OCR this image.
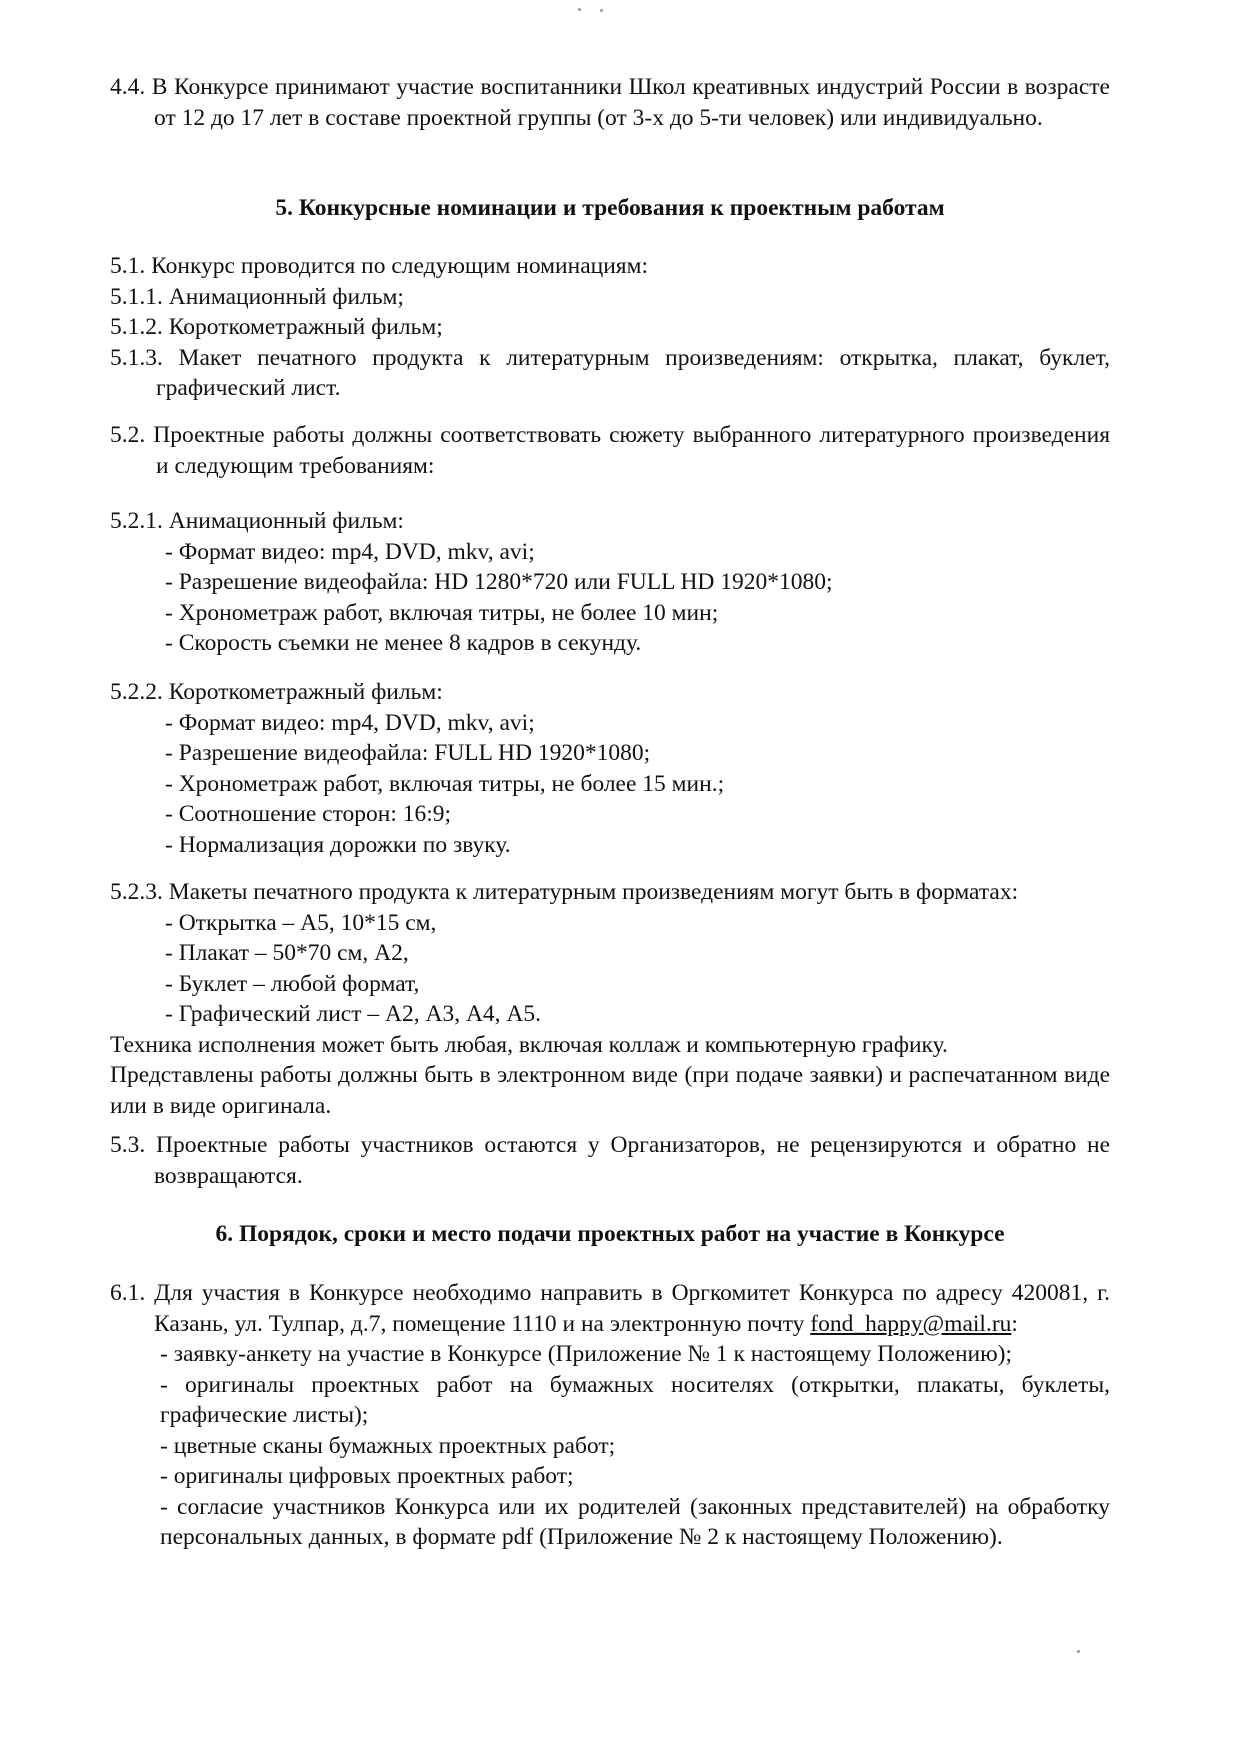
4.4. В Конкурсе принимают участие воспитанники Школ креативных индустрий России в возрасте от 12 до 17 лет в составе проектной группы (от 3-х до 5-ти человек) или индивидуально.

5. Конкурсные номинации и требования к проектным работам

5.1. Конкурс проводится по следующим номинациям:

5.1.1. Анимационный фильм;

5.1.2. Короткометражный фильм;

5.1.3. Макет печатного продукта к литературным произведениям: открытка, плакат, буклет, графический лист.

5.2. Проектные работы должны соответствовать сюжету выбранного литературного произведения и следующим требованиям:

5.2.1. Анимационный фильм:

- Формат видео: mp4, DVD, mkv, avi;

- Разрешение видеофайла: HD 1280*720 или FULL HD 1920*1080;

- Хронометраж работ, включая титры, не более 10 мин;

- Скорость съемки не менее 8 кадров в секунду.

5.2.2. Короткометражный фильм:

- Формат видео: mp4, DVD, mkv, avi;

- Разрешение видеофайла: FULL HD 1920*1080;

- Хронометраж работ, включая титры, не более 15 мин.;

- Соотношение сторон: 16:9;

- Нормализация дорожки по звуку.

5.2.3. Макеты печатного продукта к литературным произведениям могут быть в форматах:

- Открытка – А5, 10*15 см,

- Плакат – 50*70 см, А2,

- Буклет – любой формат,

- Графический лист – А2, А3, А4, А5.

Техника исполнения может быть любая, включая коллаж и компьютерную графику.

Представлены работы должны быть в электронном виде (при подаче заявки) и распечатанном виде или в виде оригинала.

5.3. Проектные работы участников остаются у Организаторов, не рецензируются и обратно не возвращаются.

6. Порядок, сроки и место подачи проектных работ на участие в Конкурсе

6.1. Для участия в Конкурсе необходимо направить в Оргкомитет Конкурса по адресу 420081, г. Казань, ул. Тулпар, д.7, помещение 1110 и на электронную почту fond_happy@mail.ru:

- заявку-анкету на участие в Конкурсе (Приложение № 1 к настоящему Положению);

- оригиналы проектных работ на бумажных носителях (открытки, плакаты, буклеты, графические листы);

- цветные сканы бумажных проектных работ;

- оригиналы цифровых проектных работ;

- согласие участников Конкурса или их родителей (законных представителей) на обработку персональных данных, в формате pdf (Приложение № 2 к настоящему Положению).
